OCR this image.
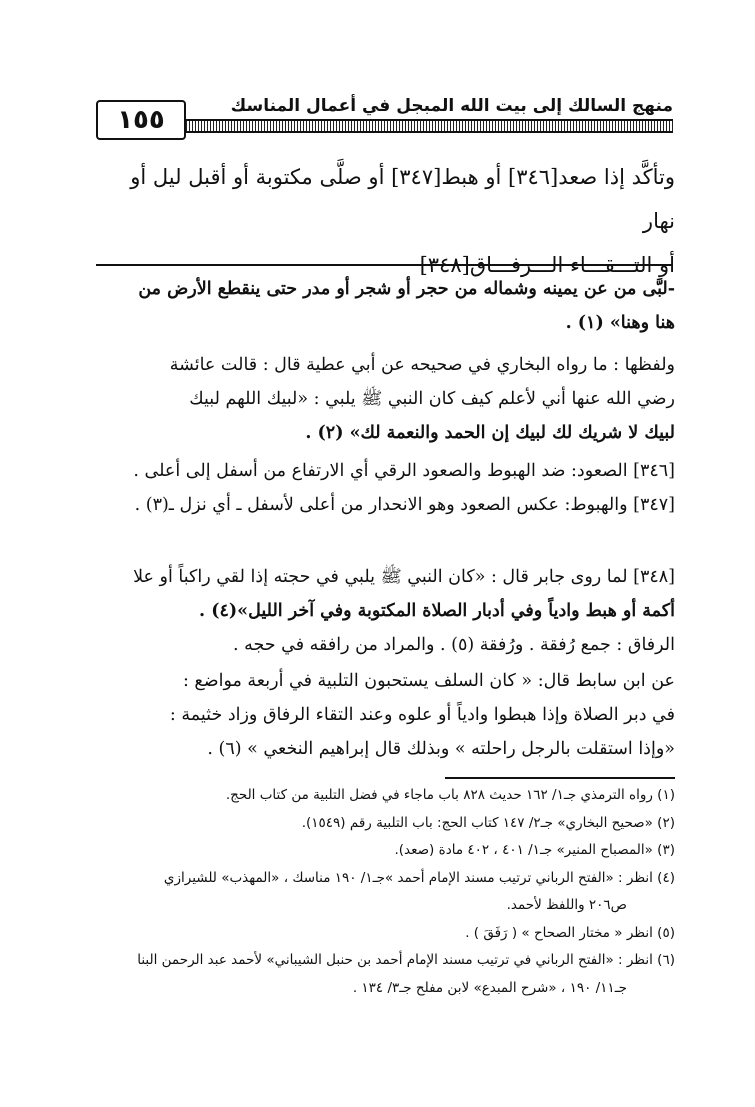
منهج السالك إلى بيت الله المبجل في أعمال المناسك
١٥٥
وتأكَّد إذا صعد[٣٤٦] أو هبط[٣٤٧] أو صلَّى مكتوبة أو أقبل ليل أو نهار
أو التـــقـــاء الـــرفـــاق[٣٤٨]
-لبَّى من عن يمينه وشماله من حجر أو شجر أو مدر حتى ينقطع الأرض من
هنا وهنا» (١) .
ولفظها : ما رواه البخاري في صحيحه عن أبي عطية قال : قالت عائشة
رضي الله عنها أني لأعلم كيف كان النبي ﷺ يلبي : «لبيك اللهم لبيك
لبيك لا شريك لك لبيك إن الحمد والنعمة لك» (٢) .
[٣٤٦] الصعود: ضد الهبوط والصعود الرقي أي الارتفاع من أسفل إلى أعلى .
[٣٤٧] والهبوط: عكس الصعود وهو الانحدار من أعلى لأسفل ـ أي نزل ـ(٣) .
[٣٤٨] لما روى جابر قال : «كان النبي ﷺ يلبي في حجته إذا لقي راكباً أو علا
أكمة أو هبط وادياً وفي أدبار الصلاة المكتوبة وفي آخر الليل»(٤) .
الرفاق : جمع رُفقة . ورُفقة (٥) . والمراد من رافقه في حجه .
عن ابن سابط قال: « كان السلف يستحبون التلبية في أربعة مواضع :
في دبر الصلاة وإذا هبطوا وادياً أو علوه وعند التقاء الرفاق وزاد خثيمة :
«وإذا استقلت بالرجل راحلته » وبذلك قال إبراهيم النخعي » (٦) .
(١) رواه الترمذي جـ١/ ١٦٢ حديث ٨٢٨ باب ماجاء في فضل التلبية من كتاب الحج.
(٢) «صحيح البخاري» جـ٢/ ١٤٧ كتاب الحج: باب التلبية رقم (١٥٤٩).
(٣) «المصباح المنير» جـ١/ ٤٠١ ، ٤٠٢ مادة (صعد).
(٤) انظر : «الفتح الرباني ترتيب مسند الإمام أحمد »جـ١/ ١٩٠ مناسك ، «المهذب» للشيرازي
ص٢٠٦ واللفظ لأحمد.
(٥) انظر « مختار الصحاح » ( رَفَقَ ) .
(٦) انظر : «الفتح الرباني في ترتيب مسند الإمام أحمد بن حنبل الشيباني» لأحمد عبد الرحمن البنا
جـ١١/ ١٩٠ ، «شرح المبدع» لابن مفلح جـ٣/ ١٣٤ .
